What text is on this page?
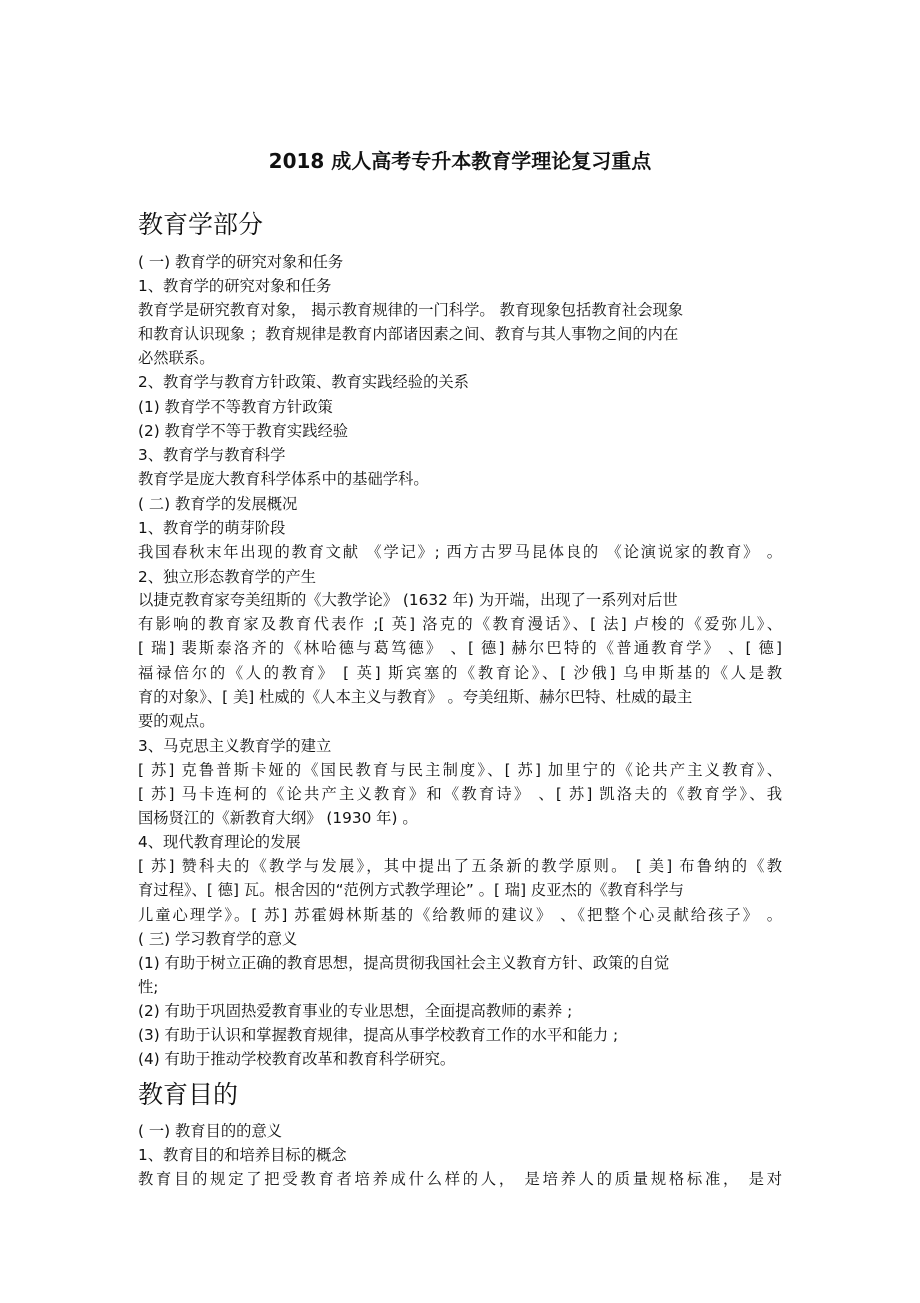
2018 成人高考专升本教育学理论复习重点
教育学部分
( 一) 教育学的研究对象和任务
1、教育学的研究对象和任务
教育学是研究教育对象， 揭示教育规律的一门科学。 教育现象包括教育社会现象
和教育认识现象 ；教育规律是教育内部诸因素之间、教育与其人事物之间的内在
必然联系。
2、教育学与教育方针政策、教育实践经验的关系
(1) 教育学不等教育方针政策
(2) 教育学不等于教育实践经验
3、教育学与教育科学
教育学是庞大教育科学体系中的基础学科。
( 二) 教育学的发展概况
1、教育学的萌芽阶段
我国春秋末年出现的教育文献 《学记》; 西方古罗马昆体良的 《论演说家的教育》 。
2、独立形态教育学的产生
以捷克教育家夸美纽斯的《大教学论》 (1632 年) 为开端，出现了一系列对后世
有影响的教育家及教育代表作 ;[ 英] 洛克的《教育漫话》、[ 法] 卢梭的《爱弥儿》、
[ 瑞] 裴斯泰洛齐的《林哈德与葛笃德》 、[ 德] 赫尔巴特的《普通教育学》 、[ 德]
福禄倍尔的《人的教育》 [ 英] 斯宾塞的《教育论》、[ 沙俄] 乌申斯基的《人是教
育的对象》、[ 美] 杜威的《人本主义与教育》 。夸美纽斯、赫尔巴特、杜威的最主
要的观点。
3、马克思主义教育学的建立
[ 苏] 克鲁普斯卡娅的《国民教育与民主制度》、[ 苏] 加里宁的《论共产主义教育》、
[ 苏] 马卡连柯的《论共产主义教育》和《教育诗》 、[ 苏] 凯洛夫的《教育学》、我
国杨贤江的《新教育大纲》 (1930 年) 。
4、现代教育理论的发展
[ 苏] 赞科夫的《教学与发展》，其中提出了五条新的教学原则。 [ 美] 布鲁纳的《教
育过程》、[ 德] 瓦。根舍因的“范例方式教学理论” 。[ 瑞] 皮亚杰的《教育科学与
儿童心理学》。[ 苏] 苏霍姆林斯基的《给教师的建议》 、《把整个心灵献给孩子》 。
( 三) 学习教育学的意义
(1) 有助于树立正确的教育思想，提高贯彻我国社会主义教育方针、政策的自觉
性;
(2) 有助于巩固热爱教育事业的专业思想，全面提高教师的素养 ;
(3) 有助于认识和掌握教育规律，提高从事学校教育工作的水平和能力 ;
(4) 有助于推动学校教育改革和教育科学研究。
教育目的
( 一) 教育目的的意义
1、教育目的和培养目标的概念
教育目的规定了把受教育者培养成什么样的人， 是培养人的质量规格标准， 是对
